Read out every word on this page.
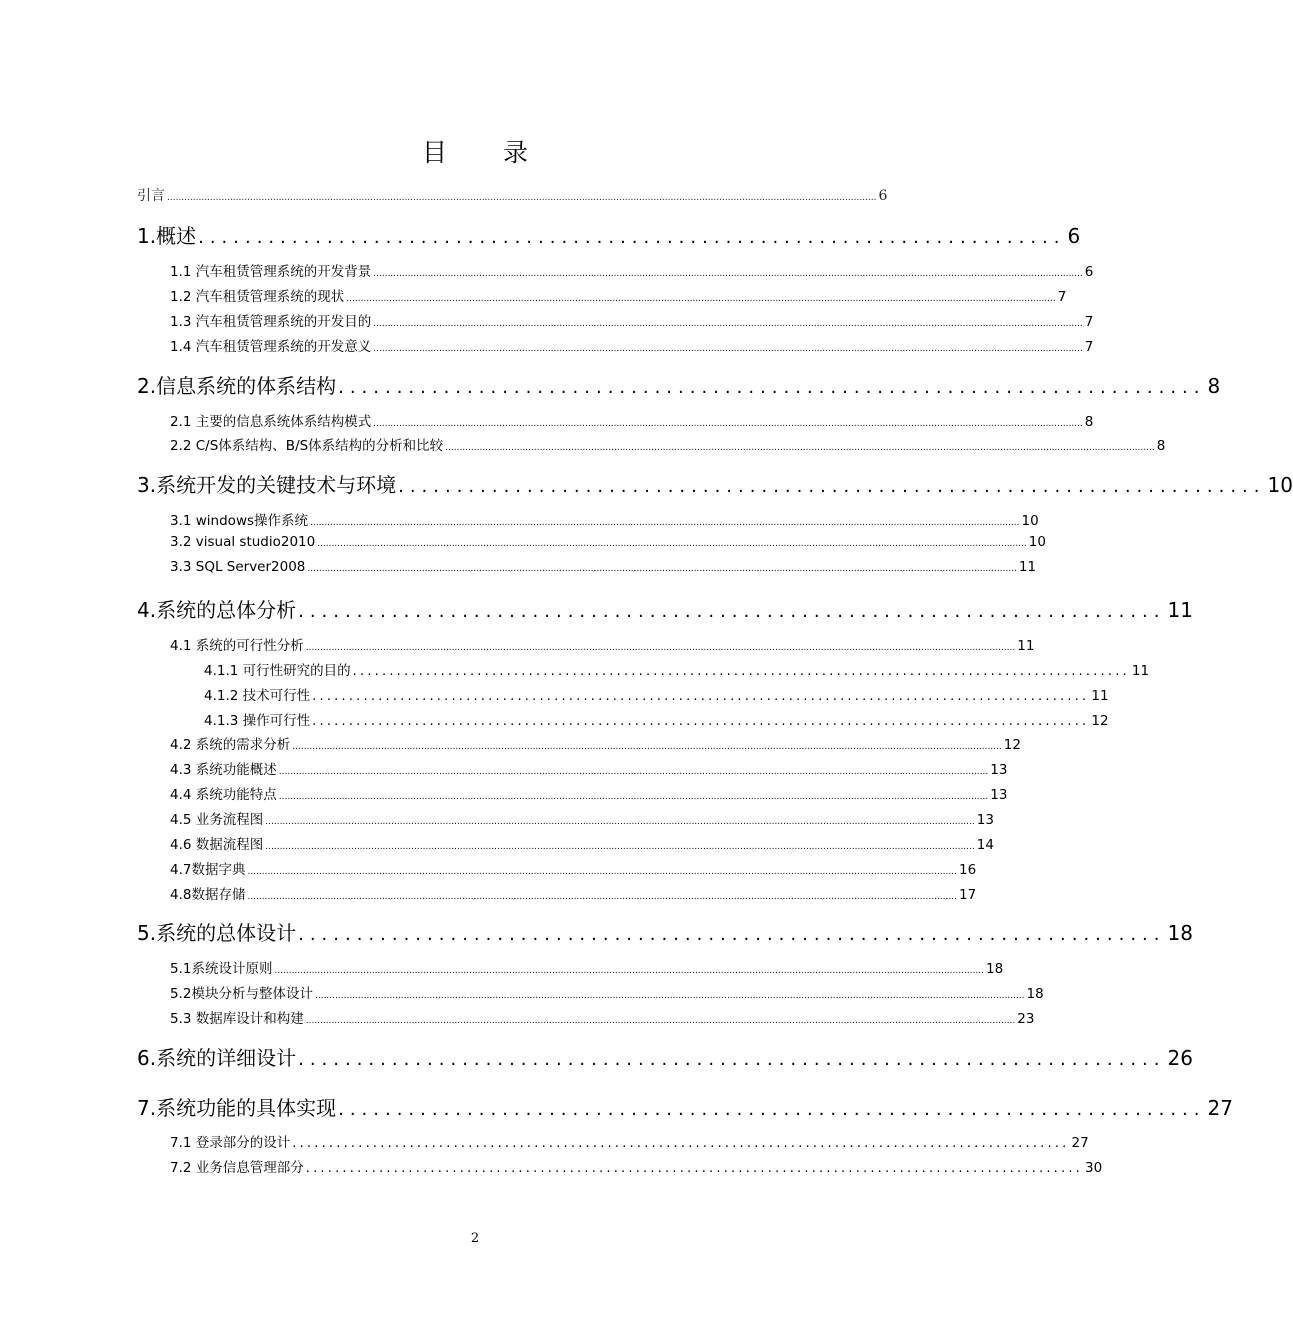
目 录
引言 ........................................................................................................................................................................................................................................................ 6
1.概述 .......................................................................... 6
1.1 汽车租赁管理系统的开发背景 ........................................................................................................................................................................................................................................................ 6
1.2 汽车租赁管理系统的现状 ........................................................................................................................................................................................................................................................ 7
1.3 汽车租赁管理系统的开发目的 ........................................................................................................................................................................................................................................................ 7
1.4 汽车租赁管理系统的开发意义 ........................................................................................................................................................................................................................................................ 7
2.信息系统的体系结构 .......................................................................... 8
2.1 主要的信息系统体系结构模式 ........................................................................................................................................................................................................................................................ 8
2.2 C/S体系结构、B/S体系结构的分析和比较 ........................................................................................................................................................................................................................................................ 8
3.系统开发的关键技术与环境 .......................................................................... 10
3.1 windows操作系统 ........................................................................................................................................................................................................................................................ 10
3.2 visual studio2010 ........................................................................................................................................................................................................................................................ 10
3.3 SQL Server2008 ........................................................................................................................................................................................................................................................ 11
4.系统的总体分析 .......................................................................... 11
4.1 系统的可行性分析 ........................................................................................................................................................................................................................................................ 11
4.1.1 可行性研究的目的 .......................................................................................................... 11
4.1.2 技术可行性 .......................................................................................................... 11
4.1.3 操作可行性 .......................................................................................................... 12
4.2 系统的需求分析 ........................................................................................................................................................................................................................................................ 12
4.3 系统功能概述 ........................................................................................................................................................................................................................................................ 13
4.4 系统功能特点 ........................................................................................................................................................................................................................................................ 13
4.5 业务流程图 ........................................................................................................................................................................................................................................................ 13
4.6 数据流程图 ........................................................................................................................................................................................................................................................ 14
4.7数据字典 ........................................................................................................................................................................................................................................................ 16
4.8数据存储 ........................................................................................................................................................................................................................................................ 17
5.系统的总体设计 .......................................................................... 18
5.1系统设计原则 ........................................................................................................................................................................................................................................................ 18
5.2模块分析与整体设计 ........................................................................................................................................................................................................................................................ 18
5.3 数据库设计和构建 ........................................................................................................................................................................................................................................................ 23
6.系统的详细设计 .......................................................................... 26
7.系统功能的具体实现 .......................................................................... 27
7.1 登录部分的设计 .......................................................................................................... 27
7.2 业务信息管理部分 .......................................................................................................... 30
2
